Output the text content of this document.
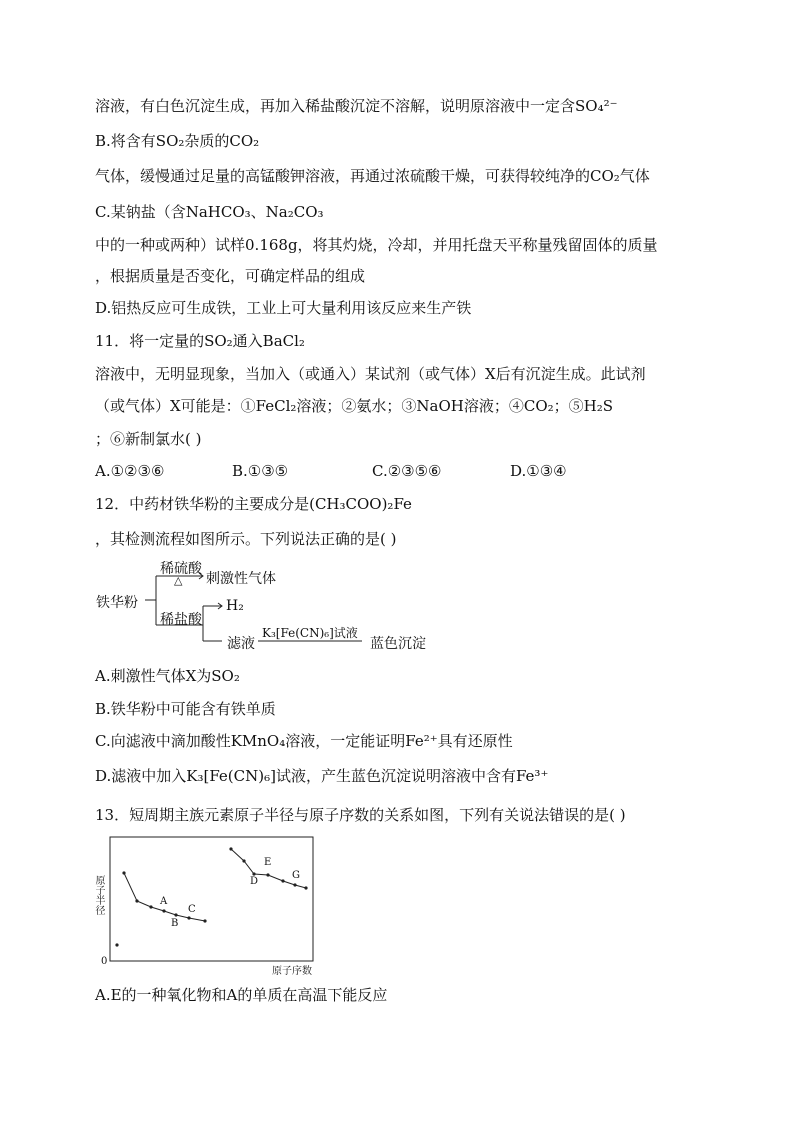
溶液，有白色沉淀生成，再加入稀盐酸沉淀不溶解，说明原溶液中一定含SO₄²⁻
B.将含有SO₂杂质的CO₂
气体，缓慢通过足量的高锰酸钾溶液，再通过浓硫酸干燥，可获得较纯净的CO₂气体
C.某钠盐（含NaHCO₃、Na₂CO₃
中的一种或两种）试样0.168g，将其灼烧，冷却，并用托盘天平称量残留固体的质量
，根据质量是否变化，可确定样品的组成
D.铝热反应可生成铁，工业上可大量利用该反应来生产铁
11．将一定量的SO₂通入BaCl₂
溶液中，无明显现象，当加入（或通入）某试剂（或气体）X后有沉淀生成。此试剂
（或气体）X可能是：①FeCl₂溶液；②氨水；③NaOH溶液；④CO₂；⑤H₂S
；⑥新制氯水( )
A.①②③⑥	B.①③⑤	C.②③⑤⑥	D.①③④
12．中药材铁华粉的主要成分是(CH₃COO)₂Fe
，其检测流程如图所示。下列说法正确的是( )
铁华粉
稀硫酸
△ 刺激性气体
稀盐酸
H₂
滤液
K₃[Fe(CN)₆]试液
蓝色沉淀
A.刺激性气体X为SO₂
B.铁华粉中可能含有铁单质
C.向滤液中滴加酸性KMnO₄溶液，一定能证明Fe²⁺具有还原性
D.滤液中加入K₃[Fe(CN)₆]试液，产生蓝色沉淀说明溶液中含有Fe³⁺
13．短周期主族元素原子半径与原子序数的关系如图，下列有关说法错误的是( )
原子半径
0
原子序数
A
B
C
D
E
G
A.E的一种氧化物和A的单质在高温下能反应
